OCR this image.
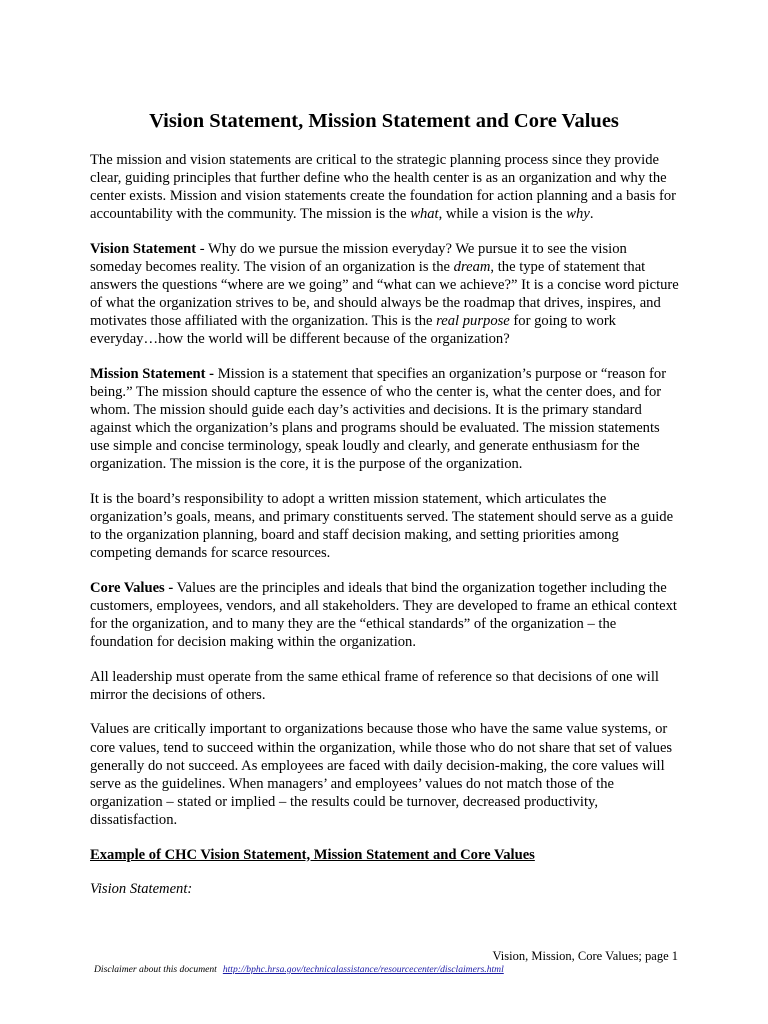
Vision Statement, Mission Statement and Core Values

The mission and vision statements are critical to the strategic planning process since they provide clear, guiding principles that further define who the health center is as an organization and why the center exists. Mission and vision statements create the foundation for action planning and a basis for accountability with the community. The mission is the what, while a vision is the why.

Vision Statement - Why do we pursue the mission everyday? We pursue it to see the vision someday becomes reality. The vision of an organization is the dream, the type of statement that answers the questions “where are we going” and “what can we achieve?” It is a concise word picture of what the organization strives to be, and should always be the roadmap that drives, inspires, and motivates those affiliated with the organization. This is the real purpose for going to work everyday…how the world will be different because of the organization?

Mission Statement - Mission is a statement that specifies an organization’s purpose or “reason for being.” The mission should capture the essence of who the center is, what the center does, and for whom. The mission should guide each day’s activities and decisions. It is the primary standard against which the organization’s plans and programs should be evaluated. The mission statements use simple and concise terminology, speak loudly and clearly, and generate enthusiasm for the organization. The mission is the core, it is the purpose of the organization.

It is the board’s responsibility to adopt a written mission statement, which articulates the organization’s goals, means, and primary constituents served. The statement should serve as a guide to the organization planning, board and staff decision making, and setting priorities among competing demands for scarce resources.

Core Values - Values are the principles and ideals that bind the organization together including the customers, employees, vendors, and all stakeholders. They are developed to frame an ethical context for the organization, and to many they are the “ethical standards” of the organization – the foundation for decision making within the organization.

All leadership must operate from the same ethical frame of reference so that decisions of one will mirror the decisions of others.

Values are critically important to organizations because those who have the same value systems, or core values, tend to succeed within the organization, while those who do not share that set of values generally do not succeed. As employees are faced with daily decision-making, the core values will serve as the guidelines. When managers’ and employees’ values do not match those of the organization – stated or implied – the results could be turnover, decreased productivity, dissatisfaction.

Example of CHC Vision Statement, Mission Statement and Core Values

Vision Statement:

Vision, Mission, Core Values; page 1
Disclaimer about this document http://bphc.hrsa.gov/technicalassistance/resourcecenter/disclaimers.html
